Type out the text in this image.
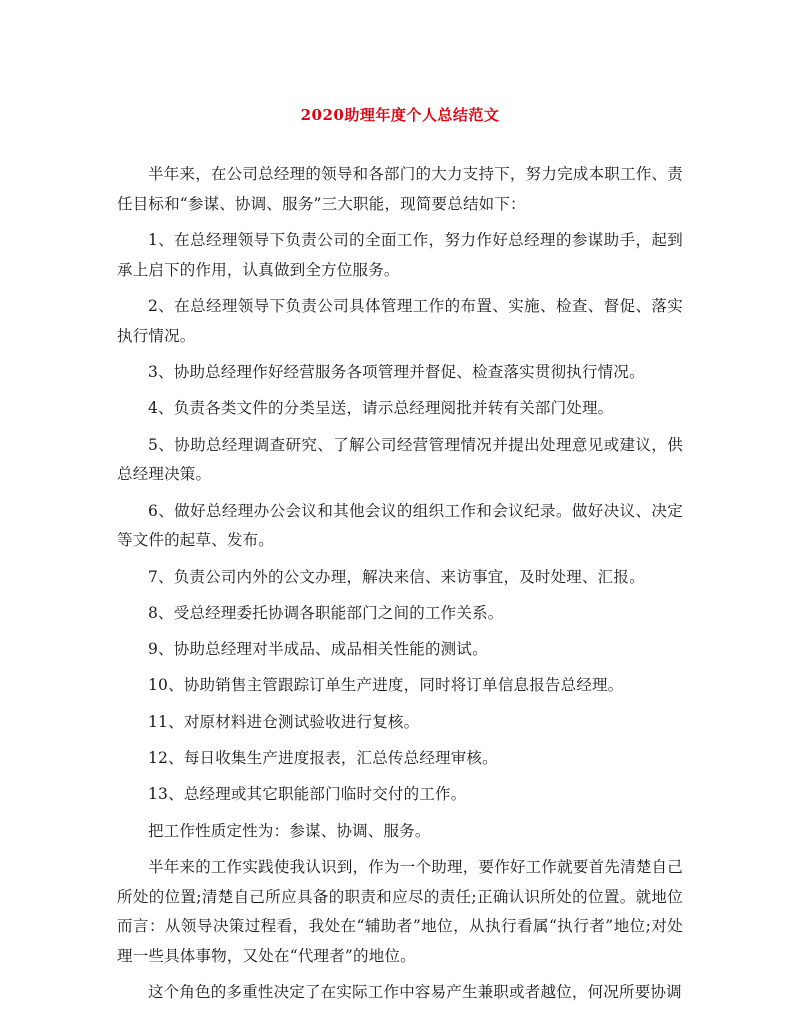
2020助理年度个人总结范文

半年来，在公司总经理的领导和各部门的大力支持下，努力完成本职工作、责任目标和“参谋、协调、服务”三大职能，现简要总结如下：

1、在总经理领导下负责公司的全面工作，努力作好总经理的参谋助手，起到承上启下的作用，认真做到全方位服务。

2、在总经理领导下负责公司具体管理工作的布置、实施、检查、督促、落实执行情况。

3、协助总经理作好经营服务各项管理并督促、检查落实贯彻执行情况。

4、负责各类文件的分类呈送，请示总经理阅批并转有关部门处理。

5、协助总经理调查研究、了解公司经营管理情况并提出处理意见或建议，供总经理决策。

6、做好总经理办公会议和其他会议的组织工作和会议纪录。做好决议、决定等文件的起草、发布。

7、负责公司内外的公文办理，解决来信、来访事宜，及时处理、汇报。

8、受总经理委托协调各职能部门之间的工作关系。

9、协助总经理对半成品、成品相关性能的测试。

10、协助销售主管跟踪订单生产进度，同时将订单信息报告总经理。

11、对原材料进仓测试验收进行复核。

12、每日收集生产进度报表，汇总传总经理审核。

13、总经理或其它职能部门临时交付的工作。

把工作性质定性为：参谋、协调、服务。

半年来的工作实践使我认识到，作为一个助理，要作好工作就要首先清楚自己所处的位置;清楚自己所应具备的职责和应尽的责任;正确认识所处的位置。就地位而言：从领导决策过程看，我处在“辅助者”地位，从执行看属“执行者”地位;对处理一些具体事物，又处在“代理者”的地位。

这个角色的多重性决定了在实际工作中容易产生兼职或者越位，何况所要协调
